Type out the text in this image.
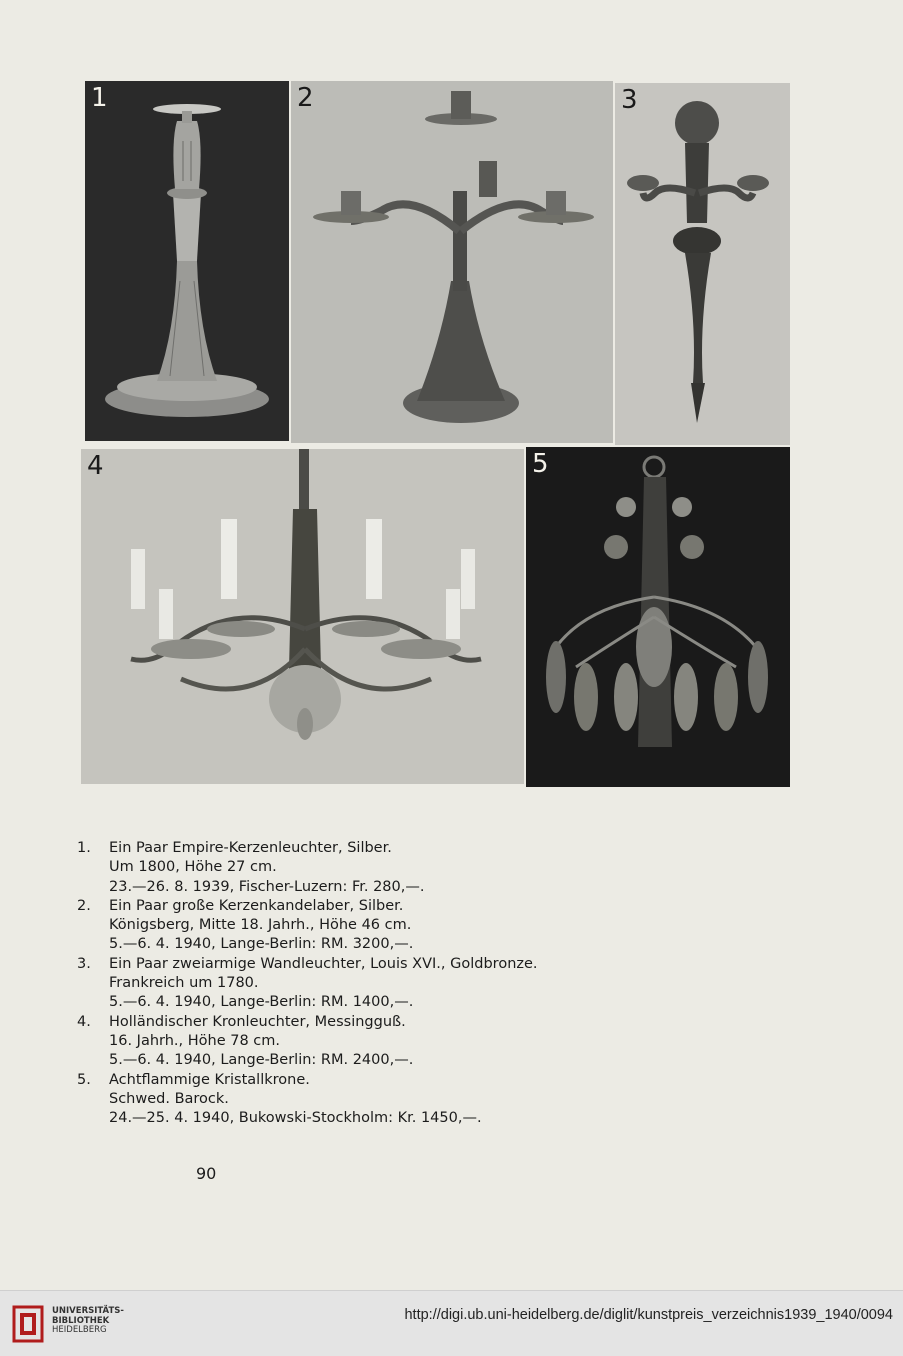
1	2	3
4	5
1. Ein Paar Empire-Kerzenleuchter, Silber.
Um 1800, Höhe 27 cm.
23.—26. 8. 1939, Fischer-Luzern: Fr. 280,—.
2. Ein Paar große Kerzenkandelaber, Silber.
Königsberg, Mitte 18. Jahrh., Höhe 46 cm.
5.—6. 4. 1940, Lange-Berlin: RM. 3200,—.
3. Ein Paar zweiarmige Wandleuchter, Louis XVI., Goldbronze.
Frankreich um 1780.
5.—6. 4. 1940, Lange-Berlin: RM. 1400,—.
4. Holländischer Kronleuchter, Messingguß.
16. Jahrh., Höhe 78 cm.
5.—6. 4. 1940, Lange-Berlin: RM. 2400,—.
5. Achtflammige Kristallkrone.
Schwed. Barock.
24.—25. 4. 1940, Bukowski-Stockholm: Kr. 1450,—.
90
UNIVERSITÄTS-
BIBLIOTHEK
HEIDELBERG
http://digi.ub.uni-heidelberg.de/diglit/kunstpreis_verzeichnis1939_1940/0094
